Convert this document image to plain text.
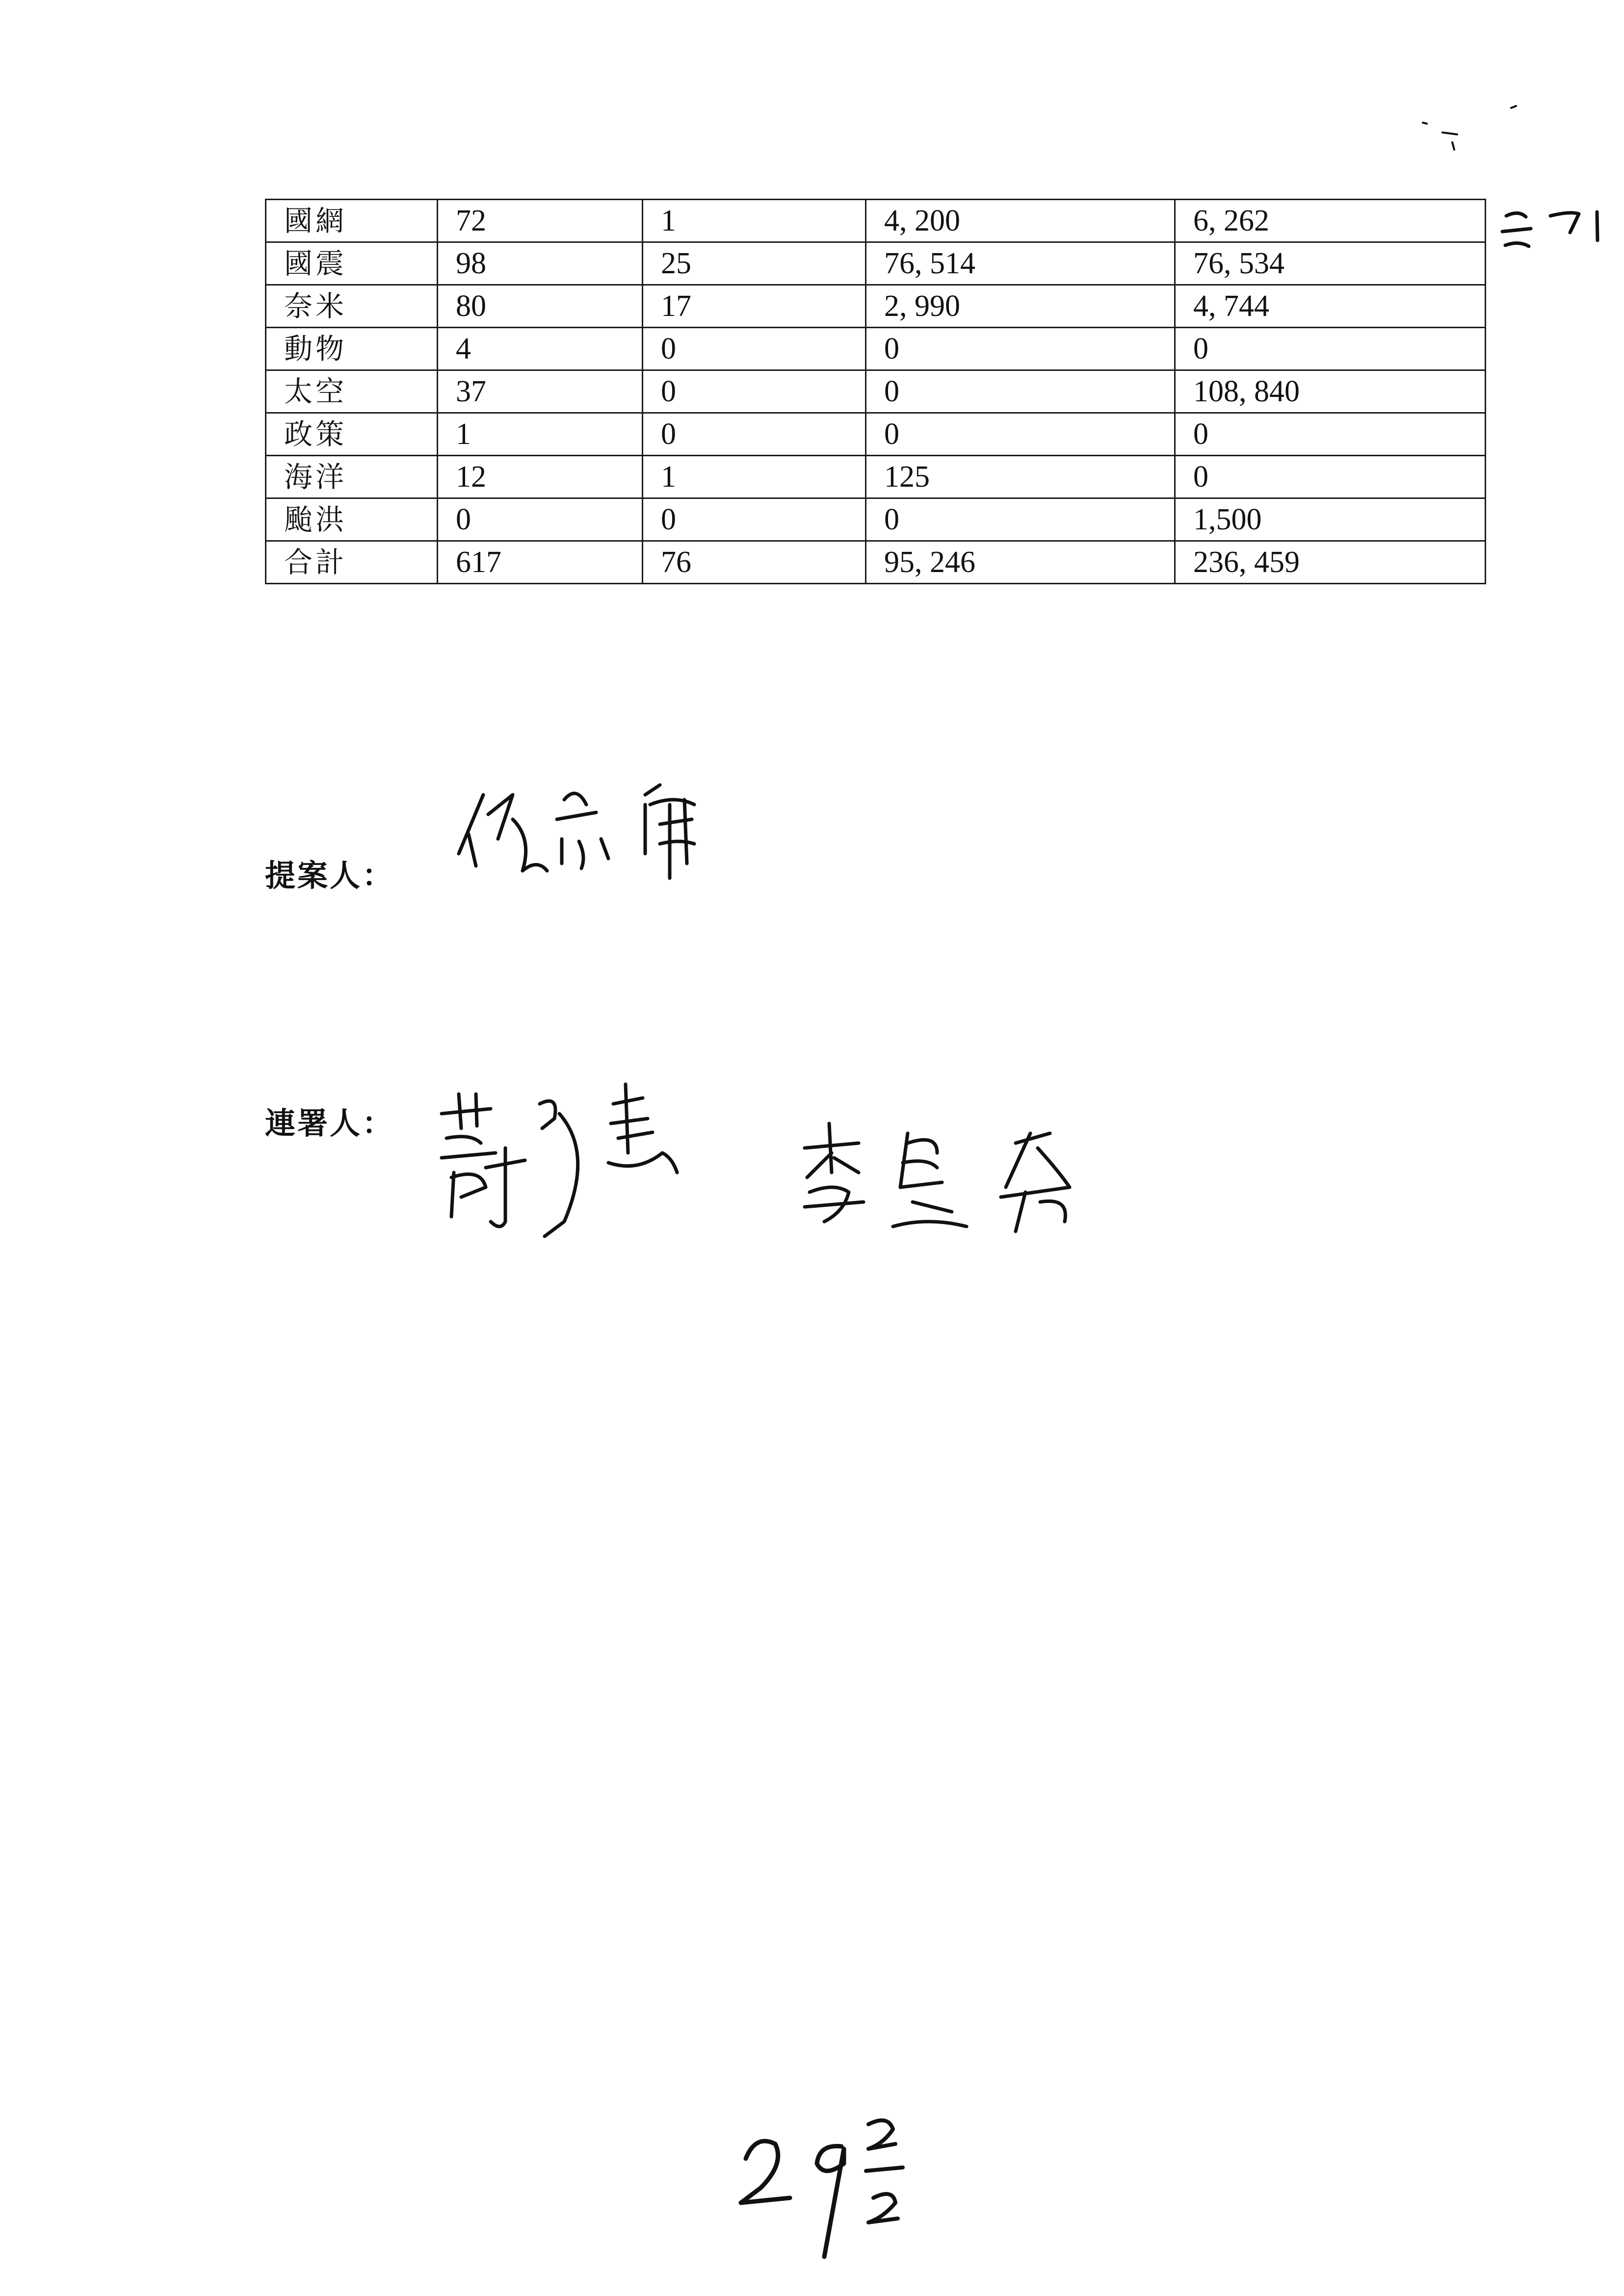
國網	72	1	4, 200	6, 262
國震	98	25	76, 514	76, 534
奈米	80	17	2, 990	4, 744
動物	4	0	0	0
太空	37	0	0	108, 840
政策	1	0	0	0
海洋	12	1	125	0
颱洪	0	0	0	1,500
合計	617	76	95, 246	236, 459
提案人：
連署人：
